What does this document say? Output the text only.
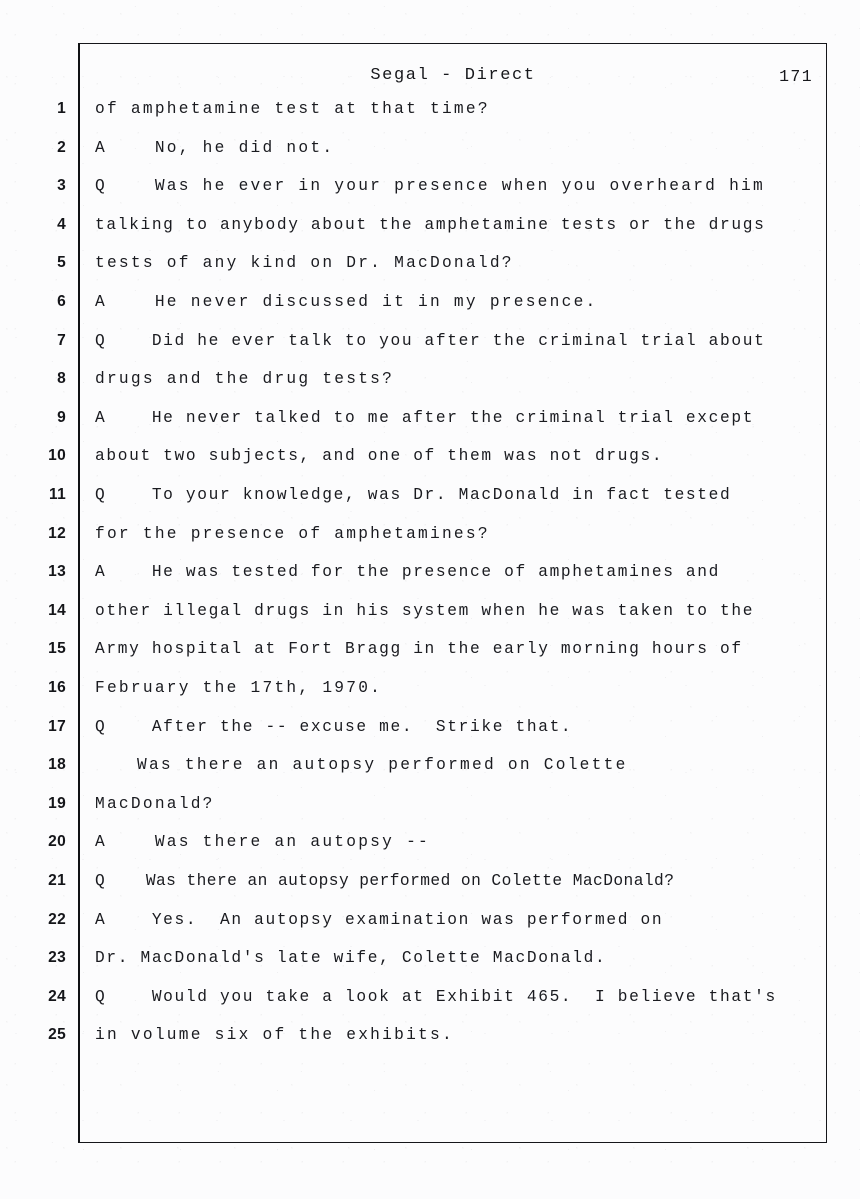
Segal - Direct	171
1
2
3
4
5
6
7
8
9
10
11
12
13
14
15
16
17
18
19
20
21
22
23
24
25
of amphetamine test at that time?
A    No, he did not.
Q    Was he ever in your presence when you overheard him
talking to anybody about the amphetamine tests or the drugs
tests of any kind on Dr. MacDonald?
A    He never discussed it in my presence.
Q    Did he ever talk to you after the criminal trial about
drugs and the drug tests?
A    He never talked to me after the criminal trial except
about two subjects, and one of them was not drugs.
Q    To your knowledge, was Dr. MacDonald in fact tested
for the presence of amphetamines?
A    He was tested for the presence of amphetamines and
other illegal drugs in his system when he was taken to the
Army hospital at Fort Bragg in the early morning hours of
February the 17th, 1970.
Q    After the -- excuse me.  Strike that.
Was there an autopsy performed on Colette
MacDonald?
A    Was there an autopsy --
Q    Was there an autopsy performed on Colette MacDonald?
A    Yes.  An autopsy examination was performed on
Dr. MacDonald's late wife, Colette MacDonald.
Q    Would you take a look at Exhibit 465.  I believe that's
in volume six of the exhibits.
